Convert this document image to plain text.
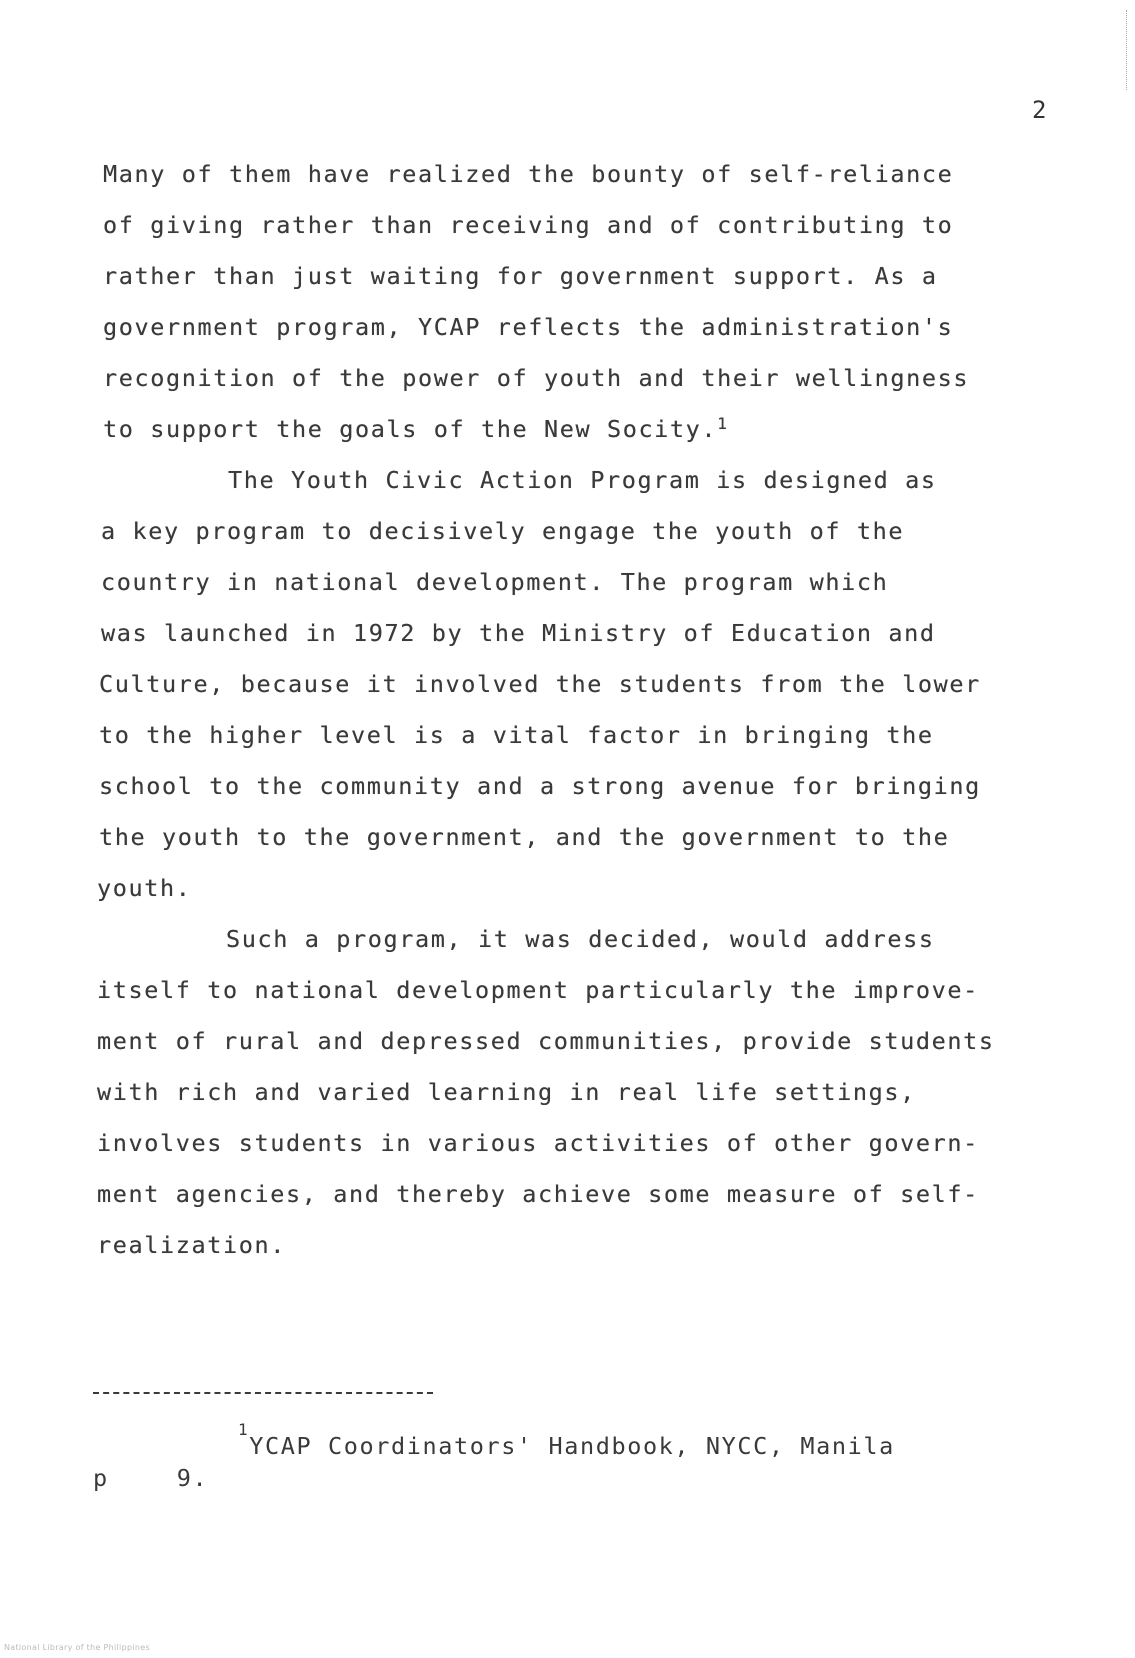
2
Many of them have realized the bounty of self-reliance
of giving rather than receiving and of contributing to
rather than just waiting for government support. As a
government program, YCAP reflects the administration's
recognition of the power of youth and their wellingness
to support the goals of the New Socity.$^1$
The Youth Civic Action Program is designed as
a key program to decisively engage the youth of the
country in national development. The program which
was launched in 1972 by the Ministry of Education and
Culture, because it involved the students from the lower
to the higher level is a vital factor in bringing the
school to the community and a strong avenue for bringing
the youth to the government, and the government to the
youth.
Such a program, it was decided, would address
itself to national development particularly the improve-
ment of rural and depressed communities, provide students
with rich and varied learning in real life settings,
involves students in various activities of other govern-
ment agencies, and thereby achieve some measure of self-
realization.
$^1$YCAP Coordinators' Handbook, NYCC, Manila
p	9.
National Library of the Philippines
